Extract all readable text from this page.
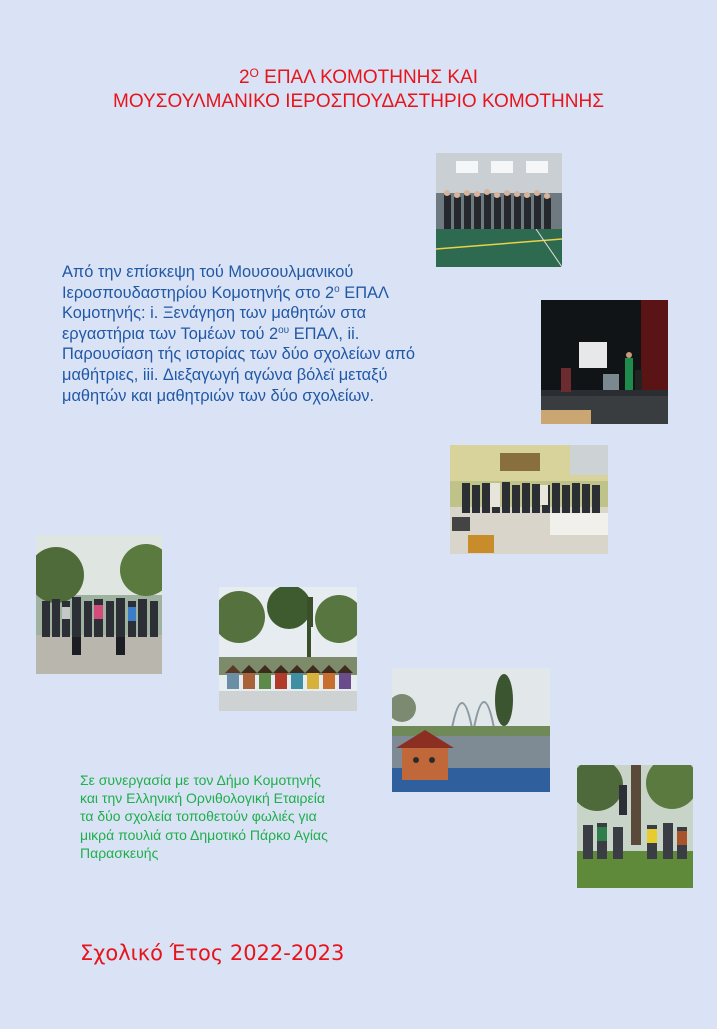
$2^O$ ΕΠΑΛ ΚΟΜΟΤΗΝΗΣ ΚΑΙ
ΜΟΥΣΟΥΛΜΑΝΙΚΟ ΙΕΡΟΣΠΟΥΔΑΣΤΗΡΙΟ ΚΟΜΟΤΗΝΗΣ
Από την επίσκεψη τού Μουσουλμανικού Ιεροσπουδαστηρίου Κομοτηνής στο $2^o$ ΕΠΑΛ Κομοτηνής: i. Ξενάγηση των μαθητών στα εργαστήρια των Τομέων τού $2^{o\upsilon}$ ΕΠΑΛ, ii. Παρουσίαση τής ιστορίας των δύο σχολείων από μαθήτριες, iii. Διεξαγωγή αγώνα βόλεϊ μεταξύ μαθητών και μαθητριών των δύο σχολείων.
Σε συνεργασία με τον Δήμο Κομοτηνής και την Ελληνική Ορνιθολογική Εταιρεία τα δύο σχολεία τοποθετούν φωλιές για μικρά πουλιά στο Δημοτικό Πάρκο Αγίας Παρασκευής
Σχολικό Έτος 2022-2023
